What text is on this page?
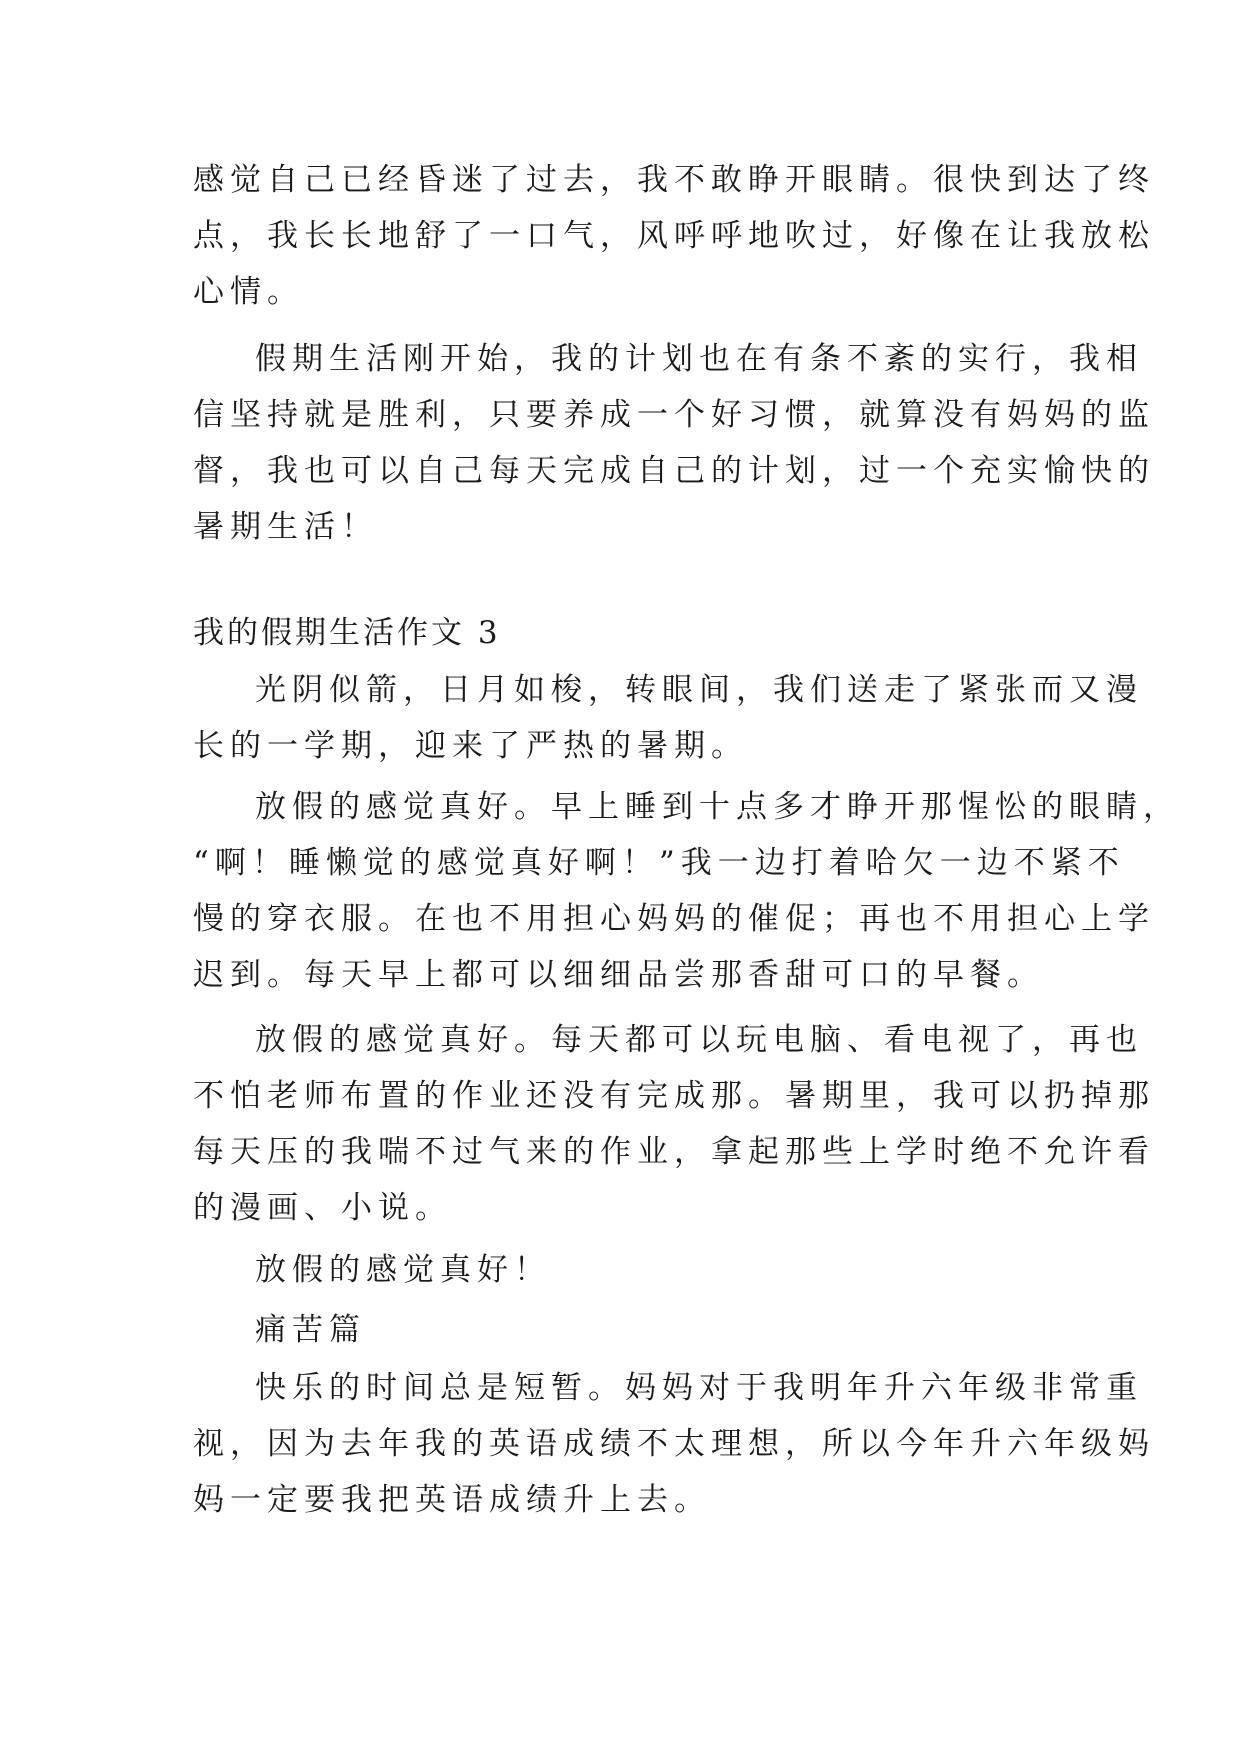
感觉自己已经昏迷了过去，我不敢睁开眼睛。很快到达了终
点，我长长地舒了一口气，风呼呼地吹过，好像在让我放松
心情。
假期生活刚开始，我的计划也在有条不紊的实行，我相
信坚持就是胜利，只要养成一个好习惯，就算没有妈妈的监
督，我也可以自己每天完成自己的计划，过一个充实愉快的
暑期生活！
我的假期生活作文 3
光阴似箭，日月如梭，转眼间，我们送走了紧张而又漫
长的一学期，迎来了严热的暑期。
放假的感觉真好。早上睡到十点多才睁开那惺忪的眼睛，
“啊！睡懒觉的感觉真好啊！”我一边打着哈欠一边不紧不
慢的穿衣服。在也不用担心妈妈的催促；再也不用担心上学
迟到。每天早上都可以细细品尝那香甜可口的早餐。
放假的感觉真好。每天都可以玩电脑、看电视了，再也
不怕老师布置的作业还没有完成那。暑期里，我可以扔掉那
每天压的我喘不过气来的作业，拿起那些上学时绝不允许看
的漫画、小说。
放假的感觉真好！
痛苦篇
快乐的时间总是短暂。妈妈对于我明年升六年级非常重
视，因为去年我的英语成绩不太理想，所以今年升六年级妈
妈一定要我把英语成绩升上去。
